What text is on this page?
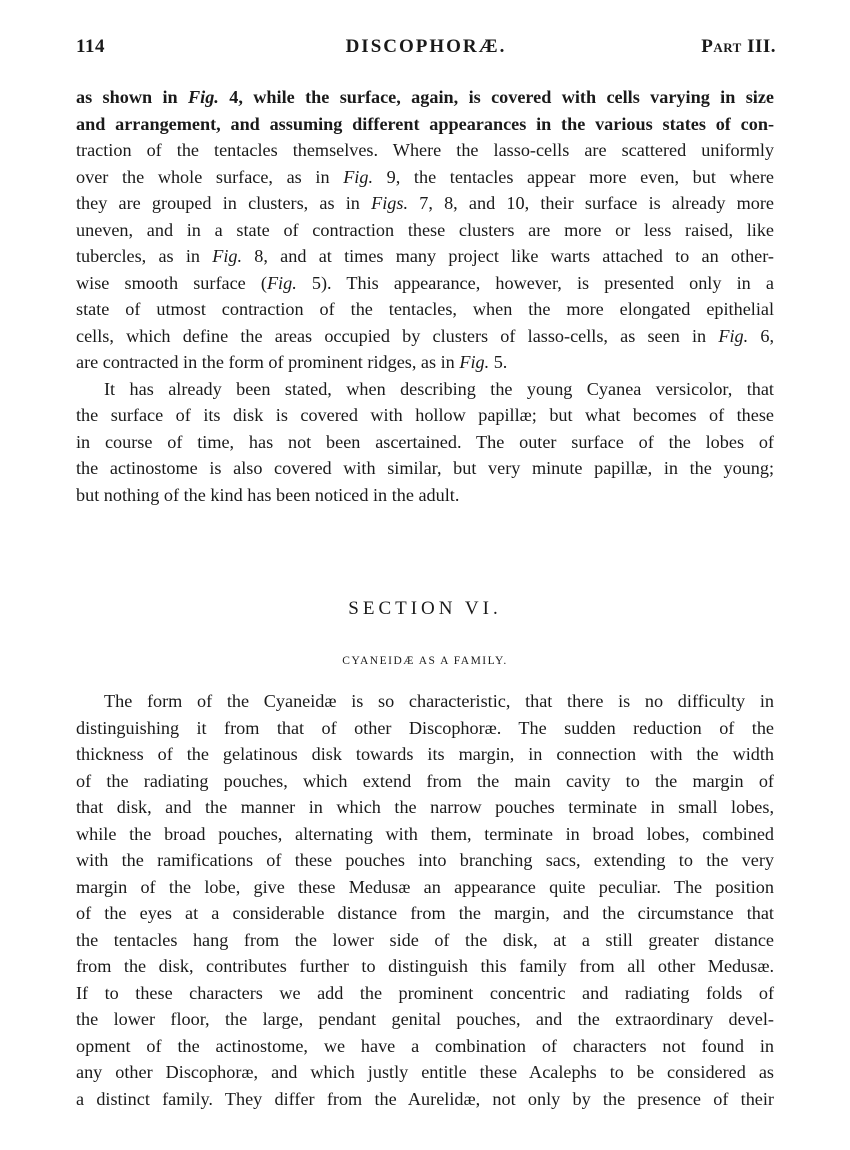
114	DISCOPHORÆ.	Part III.
as shown in Fig. 4, while the surface, again, is covered with cells varying in size
and arrangement, and assuming different appearances in the various states of con-
traction of the tentacles themselves. Where the lasso-cells are scattered uniformly
over the whole surface, as in Fig. 9, the tentacles appear more even, but where
they are grouped in clusters, as in Figs. 7, 8, and 10, their surface is already more
uneven, and in a state of contraction these clusters are more or less raised, like
tubercles, as in Fig. 8, and at times many project like warts attached to an other-
wise smooth surface (Fig. 5). This appearance, however, is presented only in a
state of utmost contraction of the tentacles, when the more elongated epithelial
cells, which define the areas occupied by clusters of lasso-cells, as seen in Fig. 6,
are contracted in the form of prominent ridges, as in Fig. 5.
It has already been stated, when describing the young Cyanea versicolor, that
the surface of its disk is covered with hollow papillæ; but what becomes of these
in course of time, has not been ascertained. The outer surface of the lobes of
the actinostome is also covered with similar, but very minute papillæ, in the young;
but nothing of the kind has been noticed in the adult.
SECTION VI.
CYANEIDÆ AS A FAMILY.
The form of the Cyaneidæ is so characteristic, that there is no difficulty in
distinguishing it from that of other Discophoræ. The sudden reduction of the
thickness of the gelatinous disk towards its margin, in connection with the width
of the radiating pouches, which extend from the main cavity to the margin of
that disk, and the manner in which the narrow pouches terminate in small lobes,
while the broad pouches, alternating with them, terminate in broad lobes, combined
with the ramifications of these pouches into branching sacs, extending to the very
margin of the lobe, give these Medusæ an appearance quite peculiar. The position
of the eyes at a considerable distance from the margin, and the circumstance that
the tentacles hang from the lower side of the disk, at a still greater distance
from the disk, contributes further to distinguish this family from all other Medusæ.
If to these characters we add the prominent concentric and radiating folds of
the lower floor, the large, pendant genital pouches, and the extraordinary devel-
opment of the actinostome, we have a combination of characters not found in
any other Discophoræ, and which justly entitle these Acalephs to be considered as
a distinct family. They differ from the Aurelidæ, not only by the presence of their
